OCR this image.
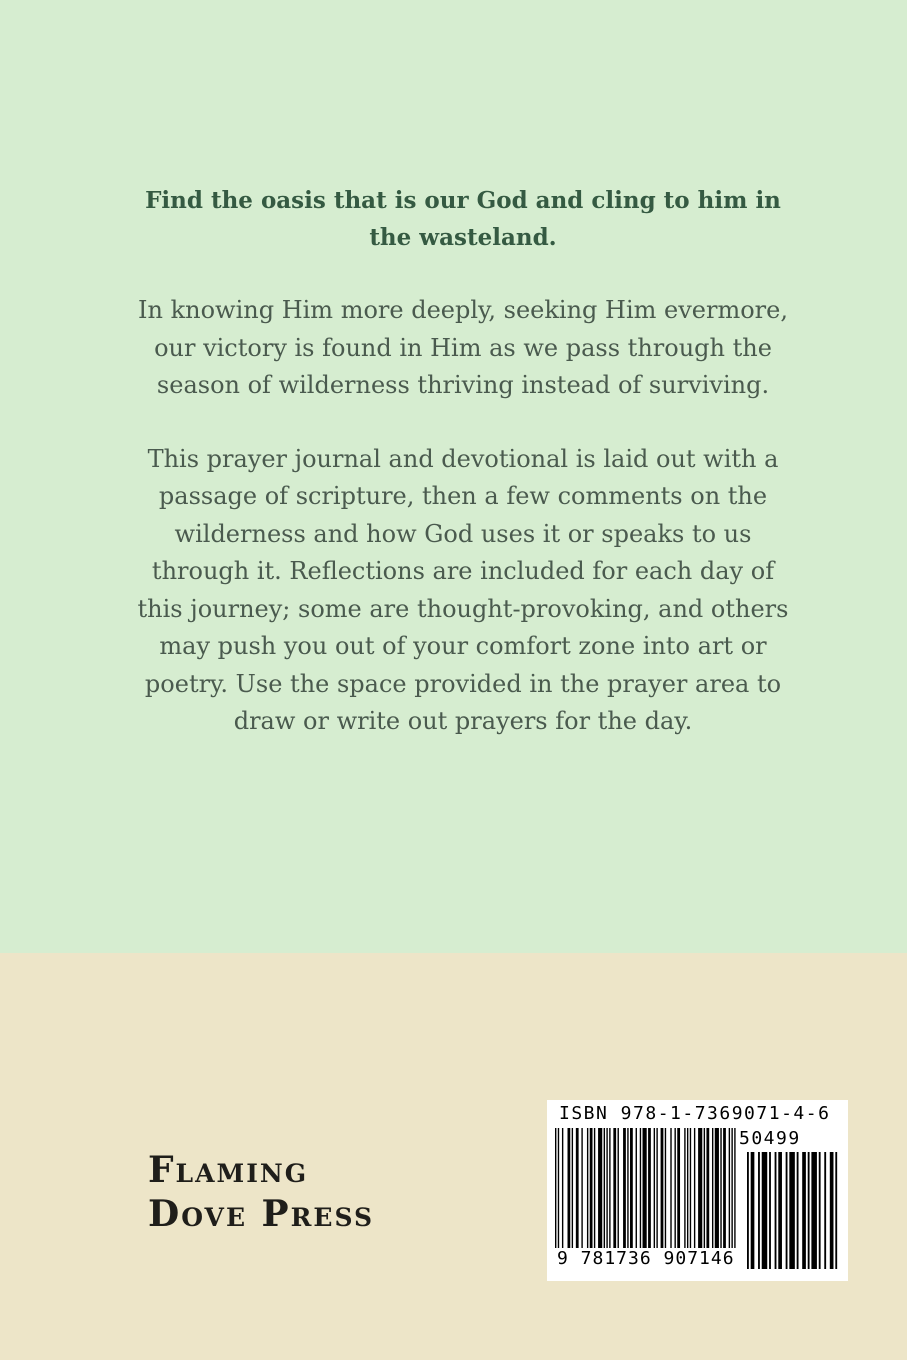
Find the oasis that is our God and cling to him in the wasteland.

In knowing Him more deeply, seeking Him evermore, our victory is found in Him as we pass through the season of wilderness thriving instead of surviving.

This prayer journal and devotional is laid out with a passage of scripture, then a few comments on the wilderness and how God uses it or speaks to us through it. Reflections are included for each day of this journey; some are thought-provoking, and others may push you out of your comfort zone into art or poetry. Use the space provided in the prayer area to draw or write out prayers for the day.

Flaming
Dove Press
ISBN 978-1-7369071-4-6
50499
9 781736 907146
